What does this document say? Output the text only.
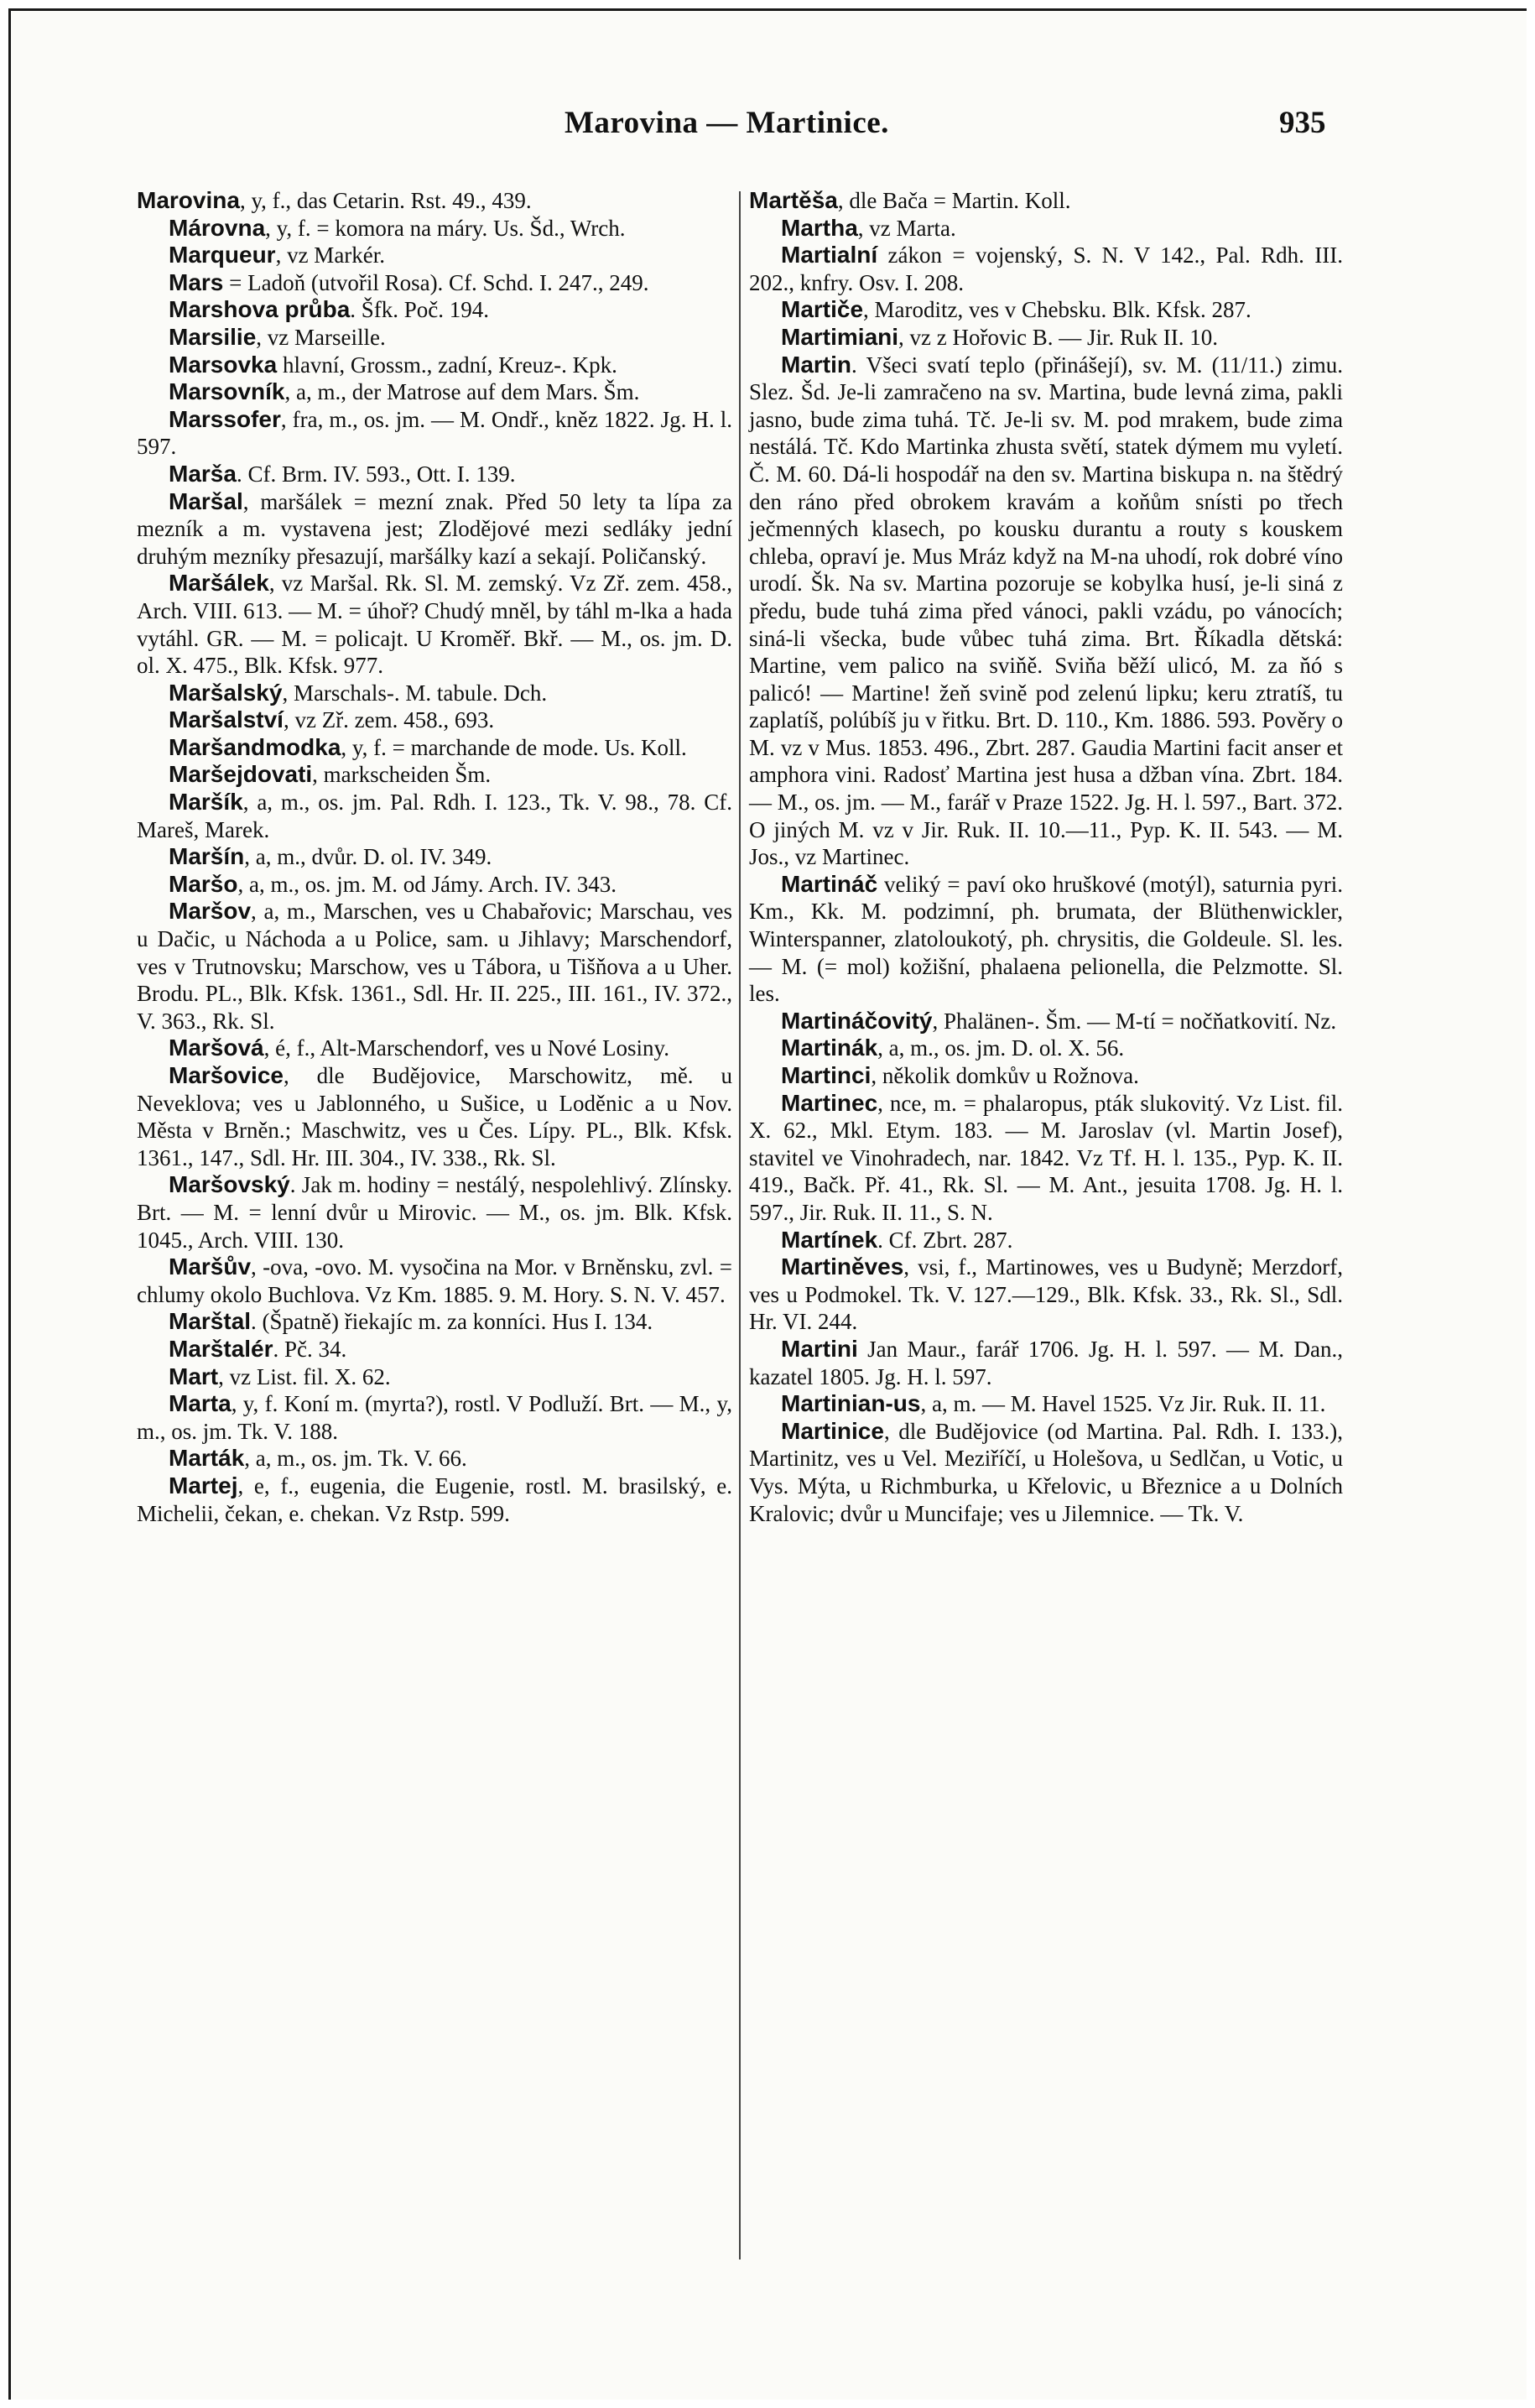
Marovina — Martinice.	935

Marovina, y, f., das Cetarin. Rst. 49., 439.

Márovna, y, f. = komora na máry. Us. Šd., Wrch.

Marqueur, vz Markér.

Mars = Ladoň (utvořil Rosa). Cf. Schd. I. 247., 249.

Marshova průba. Šfk. Poč. 194.

Marsilie, vz Marseille.

Marsovka hlavní, Grossm., zadní, Kreuz-. Kpk.

Marsovník, a, m., der Matrose auf dem Mars. Šm.

Marssofer, fra, m., os. jm. — M. Ondř., kněz 1822. Jg. H. l. 597.

Marša. Cf. Brm. IV. 593., Ott. I. 139.

Maršal, maršálek = mezní znak. Před 50 lety ta lípa za mezník a m. vystavena jest; Zlodějové mezi sedláky jední druhým mezníky přesazují, maršálky kazí a sekají. Poličanský.

Maršálek, vz Maršal. Rk. Sl. M. zemský. Vz Zř. zem. 458., Arch. VIII. 613. — M. = úhoř? Chudý mněl, by táhl m-lka a hada vytáhl. GR. — M. = policajt. U Kroměř. Bkř. — M., os. jm. D. ol. X. 475., Blk. Kfsk. 977.

Maršalský, Marschals-. M. tabule. Dch.

Maršalství, vz Zř. zem. 458., 693.

Maršandmodka, y, f. = marchande de mode. Us. Koll.

Maršejdovati, markscheiden Šm.

Maršík, a, m., os. jm. Pal. Rdh. I. 123., Tk. V. 98., 78. Cf. Mareš, Marek.

Maršín, a, m., dvůr. D. ol. IV. 349.

Maršo, a, m., os. jm. M. od Jámy. Arch. IV. 343.

Maršov, a, m., Marschen, ves u Chabařovic; Marschau, ves u Dačic, u Náchoda a u Police, sam. u Jihlavy; Marschendorf, ves v Trutnovsku; Marschow, ves u Tábora, u Tišňova a u Uher. Brodu. PL., Blk. Kfsk. 1361., Sdl. Hr. II. 225., III. 161., IV. 372., V. 363., Rk. Sl.

Maršová, é, f., Alt-Marschendorf, ves u Nové Losiny.

Maršovice, dle Budějovice, Marschowitz, mě. u Neveklova; ves u Jablonného, u Sušice, u Loděnic a u Nov. Města v Brněn.; Maschwitz, ves u Čes. Lípy. PL., Blk. Kfsk. 1361., 147., Sdl. Hr. III. 304., IV. 338., Rk. Sl.

Maršovský. Jak m. hodiny = nestálý, nespolehlivý. Zlínsky. Brt. — M. = lenní dvůr u Mirovic. — M., os. jm. Blk. Kfsk. 1045., Arch. VIII. 130.

Maršův, -ova, -ovo. M. vysočina na Mor. v Brněnsku, zvl. = chlumy okolo Buchlova. Vz Km. 1885. 9. M. Hory. S. N. V. 457.

Marštal. (Špatně) řiekajíc m. za konníci. Hus I. 134.

Marštalér. Pč. 34.

Mart, vz List. fil. X. 62.

Marta, y, f. Koní m. (myrta?), rostl. V Podluží. Brt. — M., y, m., os. jm. Tk. V. 188.

Marták, a, m., os. jm. Tk. V. 66.

Martej, e, f., eugenia, die Eugenie, rostl. M. brasilský, e. Michelii, čekan, e. chekan. Vz Rstp. 599.

Martěša, dle Bača = Martin. Koll.

Martha, vz Marta.

Martialní zákon = vojenský, S. N. V 142., Pal. Rdh. III. 202., knfry. Osv. I. 208.

Martiče, Maroditz, ves v Chebsku. Blk. Kfsk. 287.

Martimiani, vz z Hořovic B. — Jir. Ruk II. 10.

Martin. Všeci svatí teplo (přinášejí), sv. M. (11/11.) zimu. Slez. Šd. Je-li zamračeno na sv. Martina, bude levná zima, pakli jasno, bude zima tuhá. Tč. Je-li sv. M. pod mrakem, bude zima nestálá. Tč. Kdo Martinka zhusta světí, statek dýmem mu vyletí. Č. M. 60. Dá-li hospodář na den sv. Martina biskupa n. na štědrý den ráno před obrokem kravám a koňům snísti po třech ječmenných klasech, po kousku durantu a routy s kouskem chleba, opraví je. Mus Mráz když na M-na uhodí, rok dobré víno urodí. Šk. Na sv. Martina pozoruje se kobylka husí, je-li siná z předu, bude tuhá zima před vánoci, pakli vzádu, po vánocích; siná-li všecka, bude vůbec tuhá zima. Brt. Říkadla dětská: Martine, vem palico na sviňě. Sviňa běží ulicó, M. za ňó s palicó! — Martine! žeň svině pod zelenú lipku; keru ztratíš, tu zaplatíš, polúbíš ju v řitku. Brt. D. 110., Km. 1886. 593. Pověry o M. vz v Mus. 1853. 496., Zbrt. 287. Gaudia Martini facit anser et amphora vini. Radosť Martina jest husa a džban vína. Zbrt. 184. — M., os. jm. — M., farář v Praze 1522. Jg. H. l. 597., Bart. 372. O jiných M. vz v Jir. Ruk. II. 10.—11., Pyp. K. II. 543. — M. Jos., vz Martinec.

Martináč veliký = paví oko hruškové (motýl), saturnia pyri. Km., Kk. M. podzimní, ph. brumata, der Blüthenwickler, Winterspanner, zlatoloukotý, ph. chrysitis, die Goldeule. Sl. les. — M. (= mol) kožišní, phalaena pelionella, die Pelzmotte. Sl. les.

Martináčovitý, Phalänen-. Šm. — M-tí = nočňatkovití. Nz.

Martinák, a, m., os. jm. D. ol. X. 56.

Martinci, několik domkův u Rožnova.

Martinec, nce, m. = phalaropus, pták slukovitý. Vz List. fil. X. 62., Mkl. Etym. 183. — M. Jaroslav (vl. Martin Josef), stavitel ve Vinohradech, nar. 1842. Vz Tf. H. l. 135., Pyp. K. II. 419., Bačk. Př. 41., Rk. Sl. — M. Ant., jesuita 1708. Jg. H. l. 597., Jir. Ruk. II. 11., S. N.

Martínek. Cf. Zbrt. 287.

Martiněves, vsi, f., Martinowes, ves u Budyně; Merzdorf, ves u Podmokel. Tk. V. 127.—129., Blk. Kfsk. 33., Rk. Sl., Sdl. Hr. VI. 244.

Martini Jan Maur., farář 1706. Jg. H. l. 597. — M. Dan., kazatel 1805. Jg. H. l. 597.

Martinian-us, a, m. — M. Havel 1525. Vz Jir. Ruk. II. 11.

Martinice, dle Budějovice (od Martina. Pal. Rdh. I. 133.), Martinitz, ves u Vel. Meziříčí, u Holešova, u Sedlčan, u Votic, u Vys. Mýta, u Richmburka, u Křelovic, u Březnice a u Dolních Kralovic; dvůr u Muncifaje; ves u Jilemnice. — Tk. V.
